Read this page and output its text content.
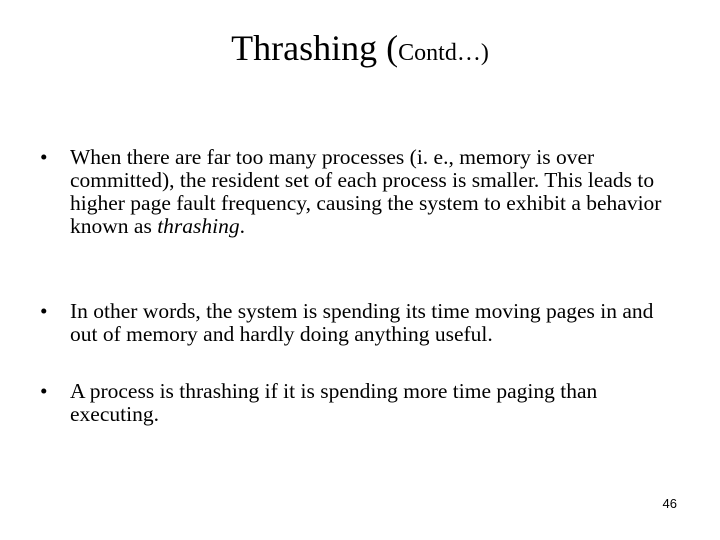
Thrashing (Contd…)
• When there are far too many processes (i. e., memory is over committed), the resident set of each process is smaller. This leads to higher page fault frequency, causing the system to exhibit a behavior known as thrashing.
• In other words, the system is spending its time moving pages in and out of memory and hardly doing anything useful.
• A process is thrashing if it is spending more time paging than executing.
46
